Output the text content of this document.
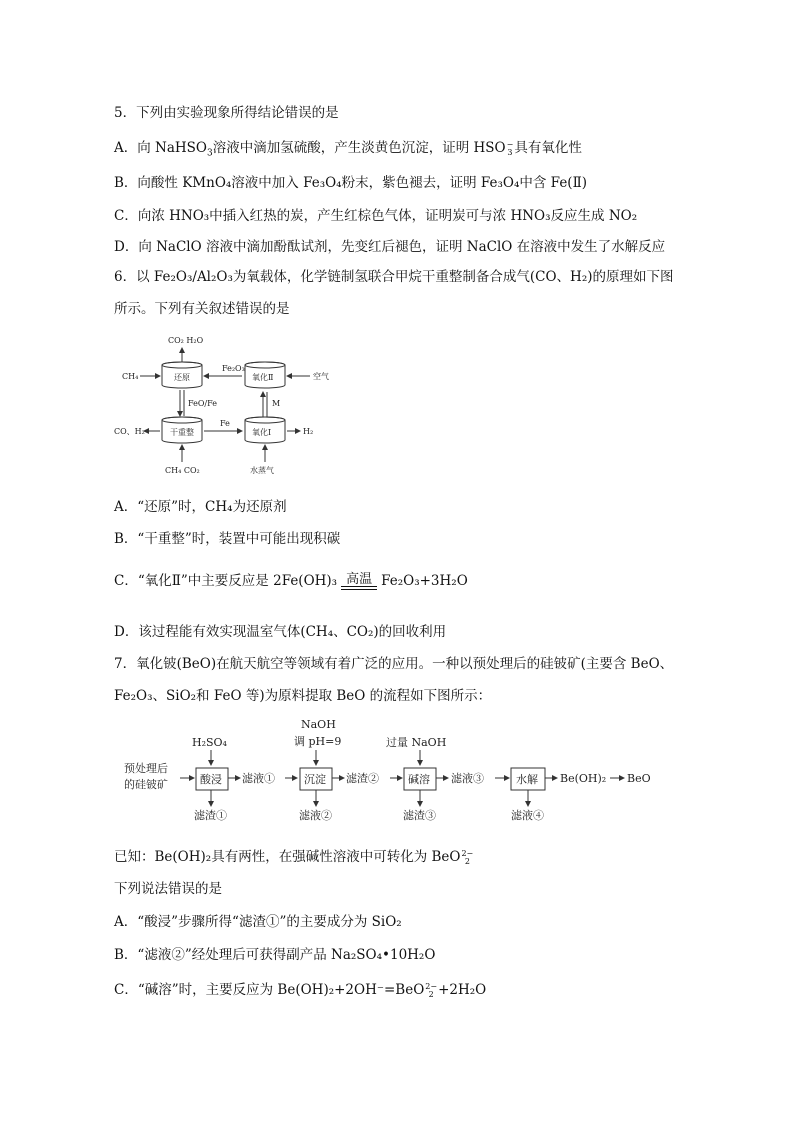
5．下列由实验现象所得结论错误的是
A．向 NaHSO$_3$溶液中滴加氢硫酸，产生淡黄色沉淀，证明 HSO −
3 具有氧化性
B．向酸性 KMnO₄溶液中加入 Fe₃O₄粉末，紫色褪去，证明 Fe₃O₄中含 Fe(Ⅱ)
C．向浓 HNO₃中插入红热的炭，产生红棕色气体，证明炭可与浓 HNO₃反应生成 NO₂
D．向 NaClO 溶液中滴加酚酞试剂，先变红后褪色，证明 NaClO 在溶液中发生了水解反应
6．以 Fe₂O₃/Al₂O₃为氧载体，化学链制氢联合甲烷干重整制备合成气(CO、H₂)的原理如下图
所示。下列有关叙述错误的是
CO₂ H₂O
CH₄	还原
Fe₂O₃
氧化Ⅱ	空气
FeO/Fe	M
CO、H₂	干重整
Fe
氧化Ⅰ	H₂
CH₄ CO₂	水蒸气
A．“还原”时，CH₄为还原剂
B．“干重整”时，装置中可能出现积碳
C．“氧化Ⅱ”中主要反应是 2Fe(OH)₃ 高温 Fe₂O₃+3H₂O
D．该过程能有效实现温室气体(CH₄、CO₂)的回收利用
7．氧化铍(BeO)在航天航空等领域有着广泛的应用。一种以预处理后的硅铍矿(主要含 BeO、
Fe₂O₃、SiO₂和 FeO 等)为原料提取 BeO 的流程如下图所示：
预处理后
的硅铍矿
H₂SO₄
酸浸
滤渣①
滤液①
NaOH
调 pH=9
沉淀
滤液②
滤渣②
过量 NaOH
碱溶
滤渣③
滤液③	水解
滤液④
Be(OH)₂ BeO
已知：Be(OH)₂具有两性，在强碱性溶液中可转化为 BeO 2−
2
下列说法错误的是
A．“酸浸”步骤所得“滤渣①”的主要成分为 SiO₂
B．“滤液②”经处理后可获得副产品 Na₂SO₄•10H₂O
C．“碱溶”时，主要反应为 Be(OH)₂+2OH⁻=BeO 2−
2 +2H₂O
